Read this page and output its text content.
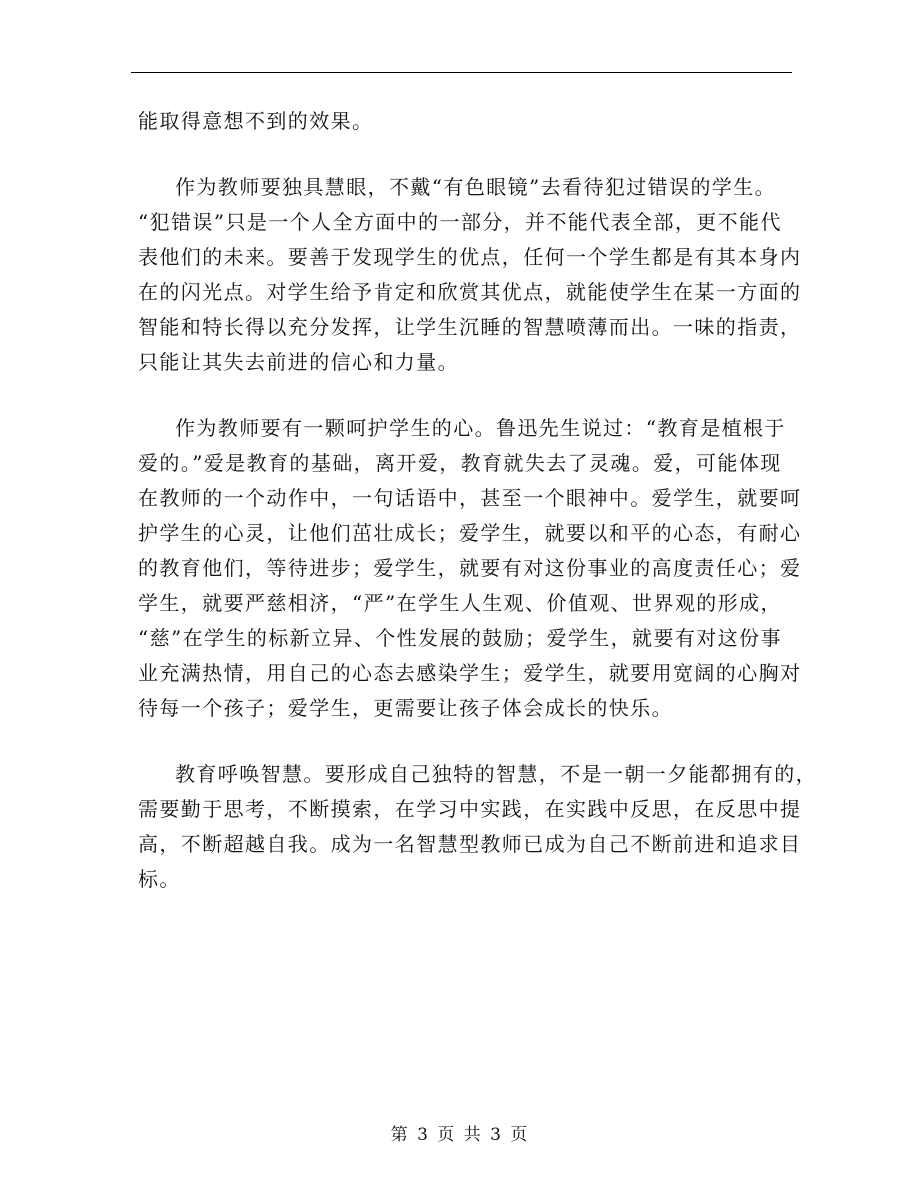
能取得意想不到的效果。

作为教师要独具慧眼，不戴“有色眼镜”去看待犯过错误的学生。
“犯错误”只是一个人全方面中的一部分，并不能代表全部，更不能代
表他们的未来。要善于发现学生的优点，任何一个学生都是有其本身内
在的闪光点。对学生给予肯定和欣赏其优点，就能使学生在某一方面的
智能和特长得以充分发挥，让学生沉睡的智慧喷薄而出。一味的指责，
只能让其失去前进的信心和力量。

作为教师要有一颗呵护学生的心。鲁迅先生说过：“教育是植根于
爱的。”爱是教育的基础，离开爱，教育就失去了灵魂。爱，可能体现
在教师的一个动作中，一句话语中，甚至一个眼神中。爱学生，就要呵
护学生的心灵，让他们茁壮成长；爱学生，就要以和平的心态，有耐心
的教育他们，等待进步；爱学生，就要有对这份事业的高度责任心；爱
学生，就要严慈相济，“严”在学生人生观、价值观、世界观的形成，
“慈”在学生的标新立异、个性发展的鼓励；爱学生，就要有对这份事
业充满热情，用自己的心态去感染学生；爱学生，就要用宽阔的心胸对
待每一个孩子；爱学生，更需要让孩子体会成长的快乐。

教育呼唤智慧。要形成自己独特的智慧，不是一朝一夕能都拥有的，
需要勤于思考，不断摸索，在学习中实践，在实践中反思，在反思中提
高，不断超越自我。成为一名智慧型教师已成为自己不断前进和追求目
标。

第 3 页 共 3 页
